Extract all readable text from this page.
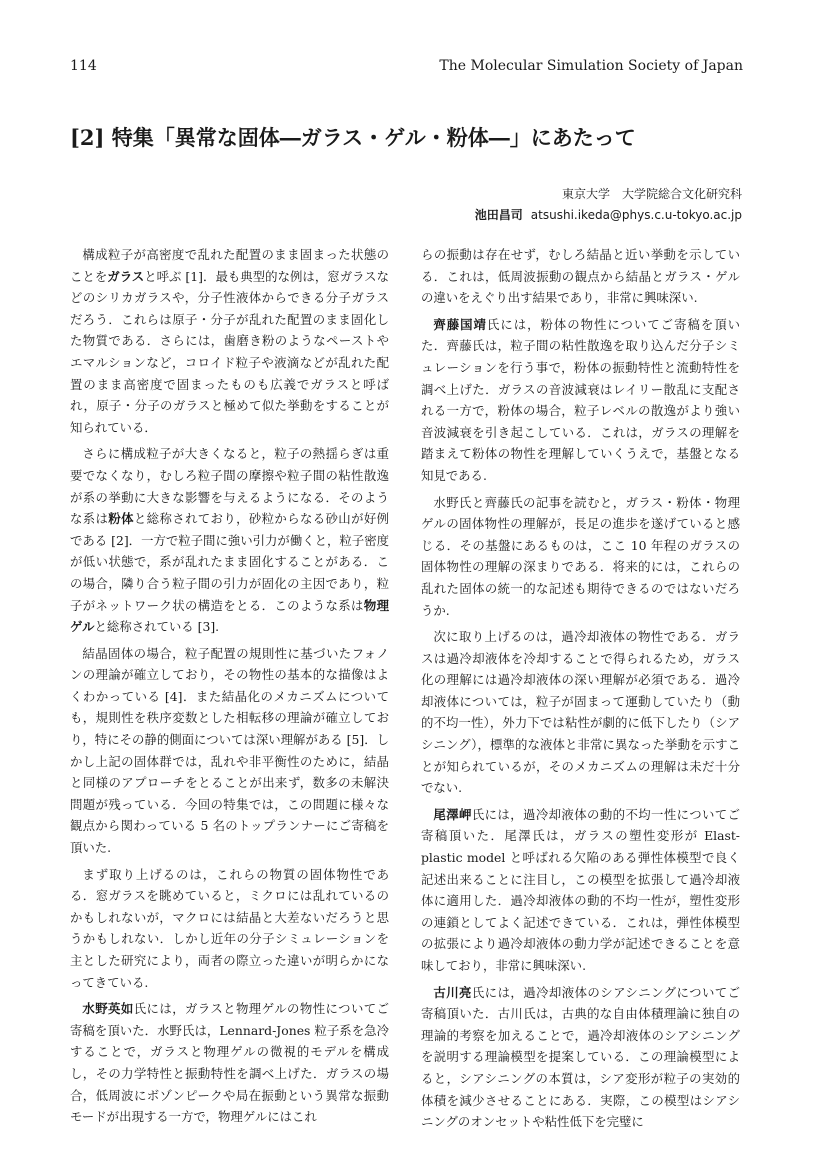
114	The Molecular Simulation Society of Japan
[2] 特集「異常な固体―ガラス・ゲル・粉体―」にあたって
東京大学　大学院総合文化研究科
池田昌司 atsushi.ikeda@phys.c.u-tokyo.ac.jp

構成粒子が高密度で乱れた配置のまま固まった状態のことをガラスと呼ぶ [1]．最も典型的な例は，窓ガラスなどのシリカガラスや，分子性液体からできる分子ガラスだろう．これらは原子・分子が乱れた配置のまま固化した物質である．さらには，歯磨き粉のようなペーストやエマルションなど，コロイド粒子や液滴などが乱れた配置のまま高密度で固まったものも広義でガラスと呼ばれ，原子・分子のガラスと極めて似た挙動をすることが知られている．

さらに構成粒子が大きくなると，粒子の熱揺らぎは重要でなくなり，むしろ粒子間の摩擦や粒子間の粘性散逸が系の挙動に大きな影響を与えるようになる．そのような系は粉体と総称されており，砂粒からなる砂山が好例である [2]．一方で粒子間に強い引力が働くと，粒子密度が低い状態で，系が乱れたまま固化することがある．この場合，隣り合う粒子間の引力が固化の主因であり，粒子がネットワーク状の構造をとる．このような系は物理ゲルと総称されている [3].

結晶固体の場合，粒子配置の規則性に基づいたフォノンの理論が確立しており，その物性の基本的な描像はよくわかっている [4]．また結晶化のメカニズムについても，規則性を秩序変数とした相転移の理論が確立しており，特にその静的側面については深い理解がある [5]．しかし上記の固体群では，乱れや非平衡性のために，結晶と同様のアプローチをとることが出来ず，数多の未解決問題が残っている．今回の特集では，この問題に様々な観点から関わっている 5 名のトップランナーにご寄稿を頂いた.

まず取り上げるのは，これらの物質の固体物性である．窓ガラスを眺めていると，ミクロには乱れているのかもしれないが，マクロには結晶と大差ないだろうと思うかもしれない．しかし近年の分子シミュレーションを主とした研究により，両者の際立った違いが明らかになってきている.

水野英如氏には，ガラスと物理ゲルの物性についてご寄稿を頂いた．水野氏は，Lennard-Jones 粒子系を急冷することで，ガラスと物理ゲルの微視的モデルを構成し，その力学特性と振動特性を調べ上げた．ガラスの場合，低周波にボゾンピークや局在振動という異常な振動モードが出現する一方で，物理ゲルにはこれ

らの振動は存在せず，むしろ結晶と近い挙動を示している．これは，低周波振動の観点から結晶とガラス・ゲルの違いをえぐり出す結果であり，非常に興味深い.

齊藤国靖氏には，粉体の物性についてご寄稿を頂いた．齊藤氏は，粒子間の粘性散逸を取り込んだ分子シミュレーションを行う事で，粉体の振動特性と流動特性を調べ上げた．ガラスの音波減衰はレイリー散乱に支配される一方で，粉体の場合，粒子レベルの散逸がより強い音波減衰を引き起こしている．これは，ガラスの理解を踏まえて粉体の物性を理解していくうえで，基盤となる知見である.

水野氏と齊藤氏の記事を読むと，ガラス・粉体・物理ゲルの固体物性の理解が，長足の進歩を遂げていると感じる．その基盤にあるものは，ここ 10 年程のガラスの固体物性の理解の深まりである．将来的には，これらの乱れた固体の統一的な記述も期待できるのではないだろうか.

次に取り上げるのは，過冷却液体の物性である．ガラスは過冷却液体を冷却することで得られるため，ガラス化の理解には過冷却液体の深い理解が必須である．過冷却液体については，粒子が固まって運動していたり（動的不均一性），外力下では粘性が劇的に低下したり（シアシニング），標準的な液体と非常に異なった挙動を示すことが知られているが，そのメカニズムの理解は未だ十分でない.

尾澤岬氏には，過冷却液体の動的不均一性についてご寄稿頂いた．尾澤氏は，ガラスの塑性変形が Elast-plastic model と呼ばれる欠陥のある弾性体模型で良く記述出来ることに注目し，この模型を拡張して過冷却液体に適用した．過冷却液体の動的不均一性が，塑性変形の連鎖としてよく記述できている．これは，弾性体模型の拡張により過冷却液体の動力学が記述できることを意味しており，非常に興味深い.

古川亮氏には，過冷却液体のシアシニングについてご寄稿頂いた．古川氏は，古典的な自由体積理論に独自の理論的考察を加えることで，過冷却液体のシアシニングを説明する理論模型を提案している．この理論模型によると，シアシニングの本質は，シア変形が粒子の実効的体積を減少させることにある．実際，この模型はシアシニングのオンセットや粘性低下を完璧に
